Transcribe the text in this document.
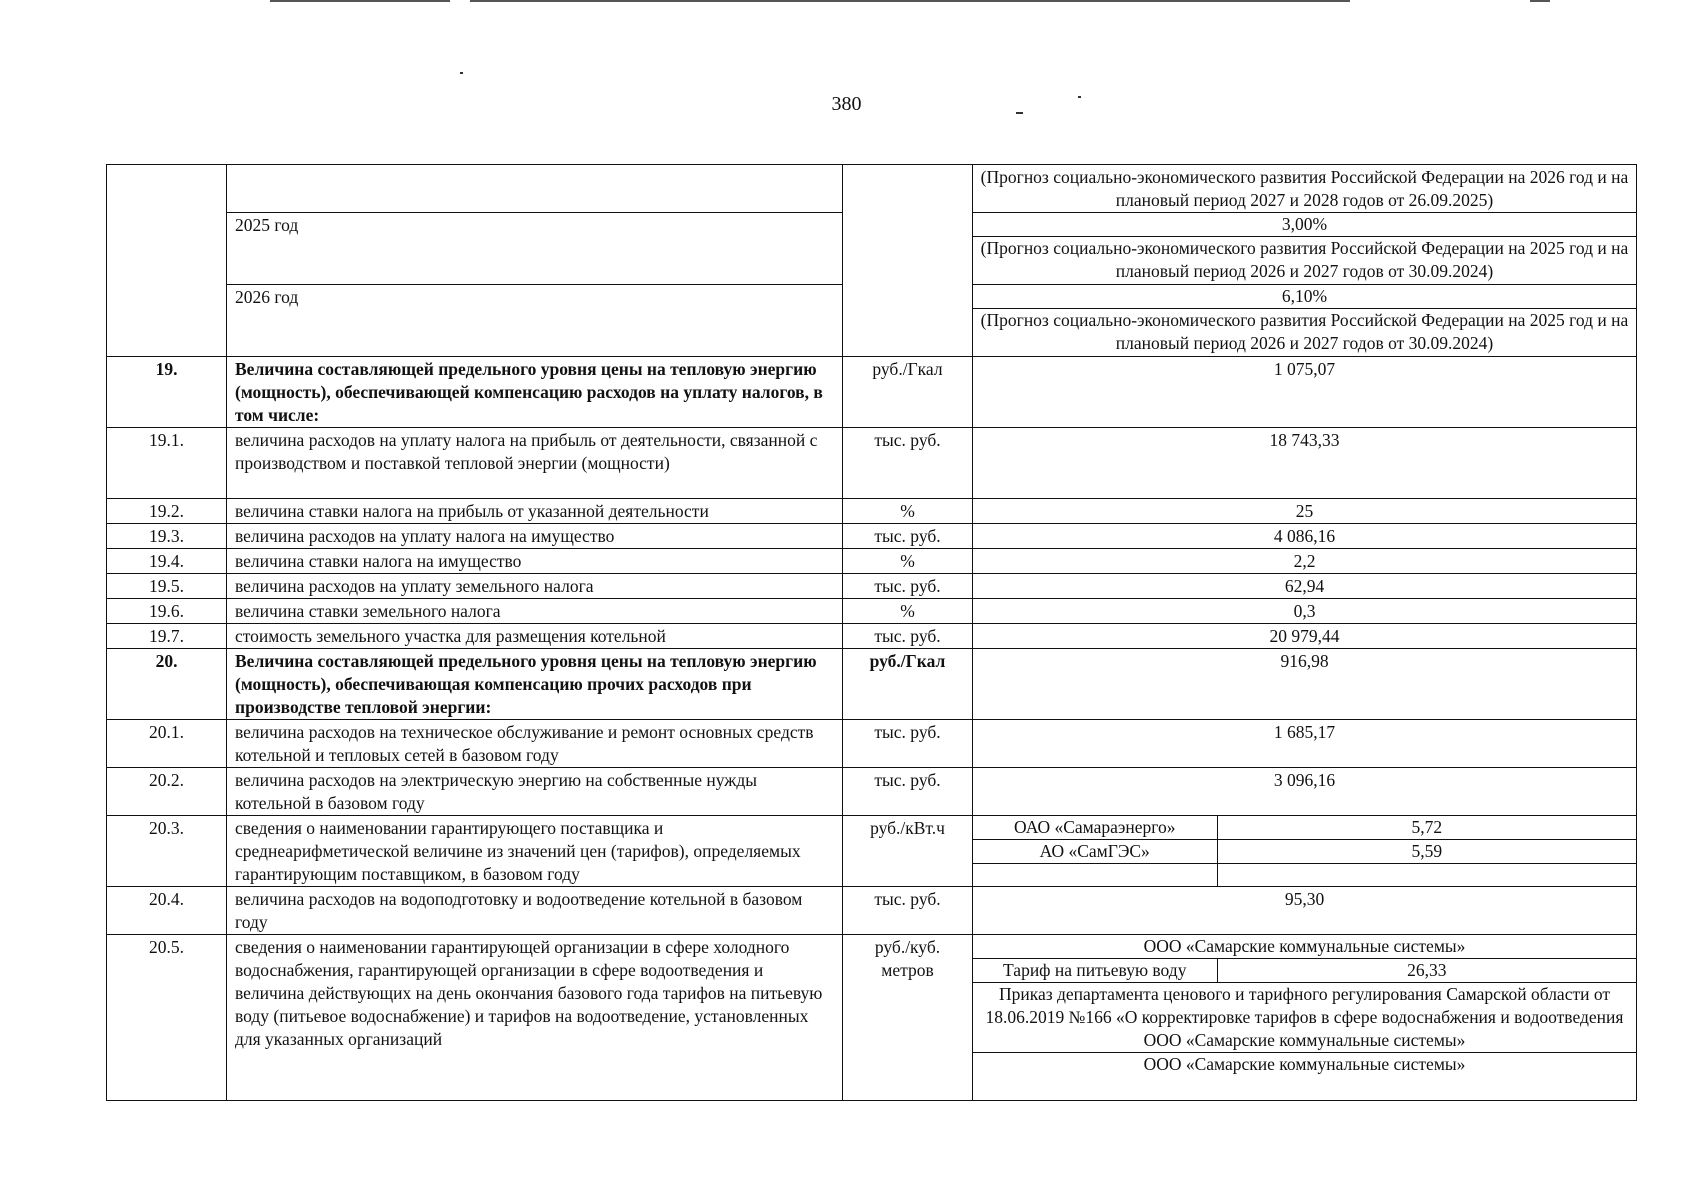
380

(Прогноз социально-экономического развития Российской Федерации на 2026 год и на плановый период 2027 и 2028 годов от 26.09.2025)

2025 год	3,00%
(Прогноз социально-экономического развития Российской Федерации на 2025 год и на плановый период 2026 и 2027 годов от 30.09.2024)

2026 год	6,10%
(Прогноз социально-экономического развития Российской Федерации на 2025 год и на плановый период 2026 и 2027 годов от 30.09.2024)

19.	Величина составляющей предельного уровня цены на тепловую энергию (мощность), обеспечивающей компенсацию расходов на уплату налогов, в том числе:	руб./Гкал	1 075,07
19.1.	величина расходов на уплату налога на прибыль от деятельности, связанной с производством и поставкой тепловой энергии (мощности)	тыс. руб.	18 743,33
19.2.	величина ставки налога на прибыль от указанной деятельности	%	25
19.3.	величина расходов на уплату налога на имущество	тыс. руб.	4 086,16
19.4.	величина ставки налога на имущество	%	2,2
19.5.	величина расходов на уплату земельного налога	тыс. руб.	62,94
19.6.	величина ставки земельного налога	%	0,3
19.7.	стоимость земельного участка для размещения котельной	тыс. руб.	20 979,44
20.	Величина составляющей предельного уровня цены на тепловую энергию (мощность), обеспечивающая компенсацию прочих расходов при производстве тепловой энергии:	руб./Гкал	916,98
20.1.	величина расходов на техническое обслуживание и ремонт основных средств котельной и тепловых сетей в базовом году	тыс. руб.	1 685,17
20.2.	величина расходов на электрическую энергию на собственные нужды котельной в базовом году	тыс. руб.	3 096,16
20.3.	сведения о наименовании гарантирующего поставщика и среднеарифметической величине из значений цен (тарифов), определяемых гарантирующим поставщиком, в базовом году	руб./кВт.ч		ОАО «Самараэнерго»	5,72
АО «СамГЭС»	5,59

20.4.	величина расходов на водоподготовку и водоотведение котельной в базовом году	тыс. руб.	95,30
20.5.	сведения о наименовании гарантирующей организации в сфере холодного водоснабжения, гарантирующей организации в сфере водоотведения и величина действующих на день окончания базового года тарифов на питьевую воду (питьевое водоснабжение) и тарифов на водоотведение, установленных для указанных организаций	руб./куб. метров	
ООО «Самарские коммунальные системы»
Тариф на питьевую воду	26,33
Приказ департамента ценового и тарифного регулирования Самарской области от 18.06.2019 №166 «О корректировке тарифов в сфере водоснабжения и водоотведения ООО «Самарские коммунальные системы»
ООО «Самарские коммунальные системы»
